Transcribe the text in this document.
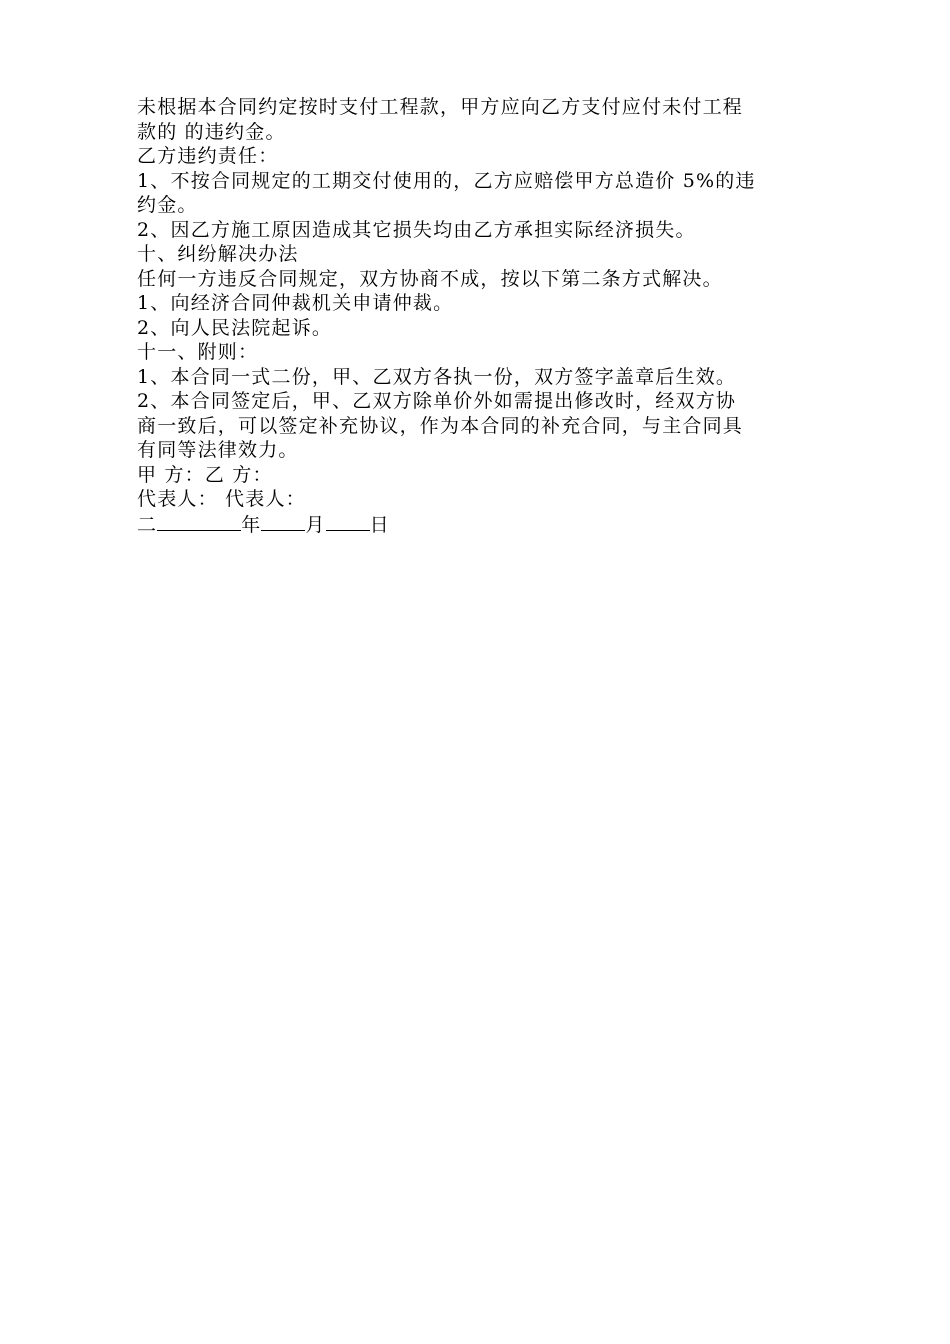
未根据本合同约定按时支付工程款，甲方应向乙方支付应付未付工程
款的 的违约金。
乙方违约责任：
1、不按合同规定的工期交付使用的，乙方应赔偿甲方总造价 5%的违
约金。
2、因乙方施工原因造成其它损失均由乙方承担实际经济损失。
十、纠纷解决办法
任何一方违反合同规定，双方协商不成，按以下第二条方式解决。
1、向经济合同仲裁机关申请仲裁。
2、向人民法院起诉。
十一、附则：
1、本合同一式二份，甲、乙双方各执一份，双方签字盖章后生效。
2、本合同签定后，甲、乙双方除单价外如需提出修改时，经双方协
商一致后，可以签定补充协议，作为本合同的补充合同，与主合同具
有同等法律效力。
甲 方：乙 方：
代表人： 代表人：
二	年 月 日
